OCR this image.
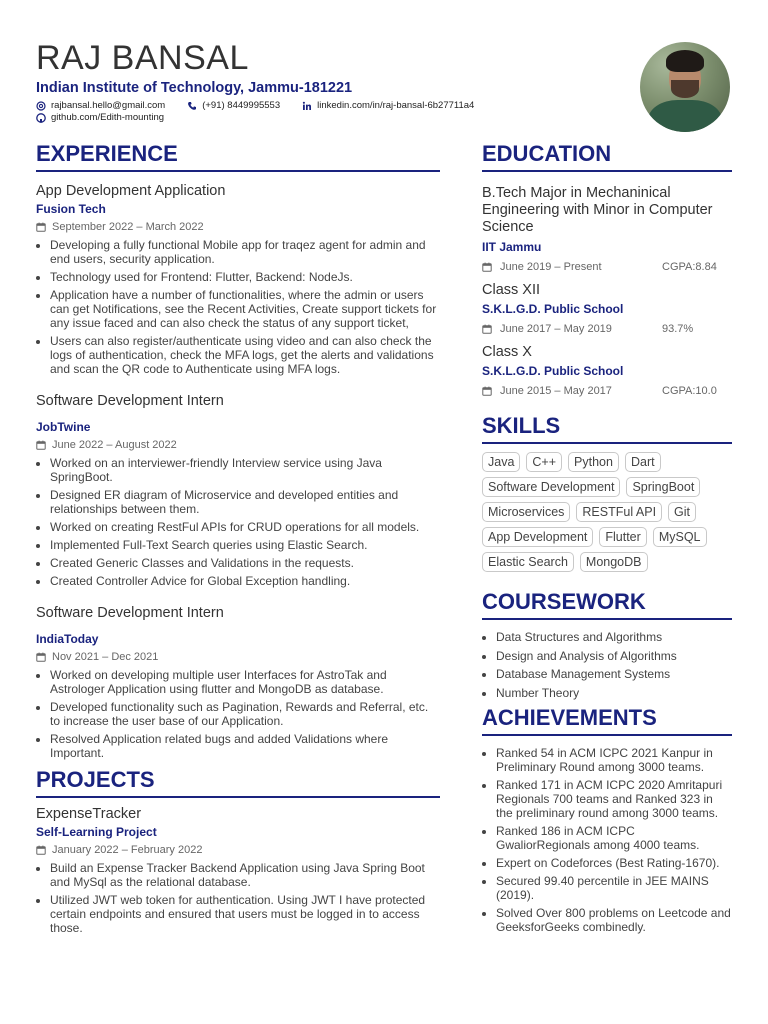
RAJ BANSAL

Indian Institute of Technology, Jammu-181221

rajbansal.hello@gmail.com	(+91) 8449995553	linkedin.com/in/raj-bansal-6b27711a4
github.com/Edith-mounting
EXPERIENCE

App Development Application

Fusion Tech

September 2022 – March 2022
• Developing a fully functional Mobile app for traqez agent for admin and end users, security application.
• Technology used for Frontend: Flutter, Backend: NodeJs.
• Application have a number of functionalities, where the admin or users can get Notifications, see the Recent Activities, Create support tickets for any issue faced and can also check the status of any support ticket,
• Users can also register/authenticate using video and can also check the logs of authentication, check the MFA logs, get the alerts and validations and scan the QR code to Authenticate using MFA logs.

Software Development Intern

JobTwine

June 2022 – August 2022
• Worked on an interviewer-friendly Interview service using Java SpringBoot.
• Designed ER diagram of Microservice and developed entities and relationships between them.
• Worked on creating RestFul APIs for CRUD operations for all models.
• Implemented Full-Text Search queries using Elastic Search.
• Created Generic Classes and Validations in the requests.
• Created Controller Advice for Global Exception handling.

Software Development Intern

IndiaToday

Nov 2021 – Dec 2021
• Worked on developing multiple user Interfaces for AstroTak and Astrologer Application using flutter and MongoDB as database.
• Developed functionality such as Pagination, Rewards and Referral, etc. to increase the user base of our Application.
• Resolved Application related bugs and added Validations where Important.
PROJECTS

ExpenseTracker

Self-Learning Project

January 2022 – February 2022
• Build an Expense Tracker Backend Application using Java Spring Boot and MySql as the relational database.
• Utilized JWT web token for authentication. Using JWT I have protected certain endpoints and ensured that users must be logged in to access those.
EDUCATION

B.Tech Major in Mechaninical Engineering with Minor in Computer Science

IIT Jammu

June 2019 – Present	CGPA:8.84

Class XII

S.K.L.G.D. Public School

June 2017 – May 2019	93.7%

Class X

S.K.L.G.D. Public School

June 2015 – May 2017	CGPA:10.0
SKILLS
Java	C++	Python	Dart
Software Development	SpringBoot
Microservices	RESTFul API	Git
App Development	Flutter	MySQL
Elastic Search	MongoDB
COURSEWORK
• Data Structures and Algorithms
• Design and Analysis of Algorithms
• Database Management Systems
• Number Theory
ACHIEVEMENTS
• Ranked 54 in ACM ICPC 2021 Kanpur in Preliminary Round among 3000 teams.
• Ranked 171 in ACM ICPC 2020 Amritapuri Regionals 700 teams and Ranked 323 in the preliminary round among 3000 teams.
• Ranked 186 in ACM ICPC GwaliorRegionals among 4000 teams.
• Expert on Codeforces (Best Rating-1670).
• Secured 99.40 percentile in JEE MAINS (2019).
• Solved Over 800 problems on Leetcode and GeeksforGeeks combinedly.
